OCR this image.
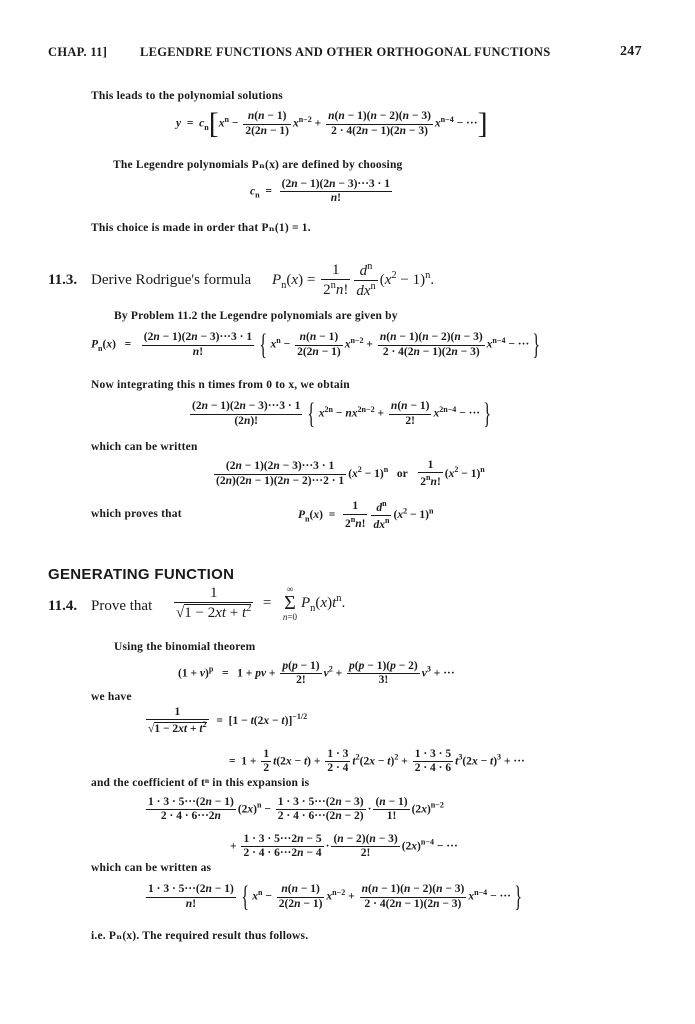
CHAP. 11]	LEGENDRE FUNCTIONS AND OTHER ORTHOGONAL FUNCTIONS	247
This leads to the polynomial solutions
$y = c_n[x^n - \frac{n(n - 1)}{2(2n - 1)} x^{n-2} + \frac{n(n - 1)(n - 2)(n - 3)}{2 \cdot 4(2n - 1)(2n - 3)} x^{n-4}$ − ···]
The Legendre polynomials Pₙ(x) are defined by choosing
$c_n = \frac{(2n - 1)(2n - 3)\cdot\cdot\cdot 3 \cdot 1}{n!}$
This choice is made in order that Pₙ(1) = 1.
11.3. Derive Rodrigue's formula $P_n(x) = \frac{1}{2^nn!} \frac{d^n}{dx^n} (x^2 - 1)^n$.
By Problem 11.2 the Legendre polynomials are given by
$P_n(x) = \frac{(2n - 1)(2n - 3)\cdot\cdot\cdot 3 \cdot 1}{n!}$ { $x^n - \frac{n(n - 1)}{2(2n - 1)} x^{n-2} + \frac{n(n - 1)(n - 2)(n - 3)}{2 \cdot 4(2n - 1)(2n - 3)} x^{n-4}$ − ··· }
Now integrating this n times from 0 to x, we obtain
$\frac{(2n - 1)(2n - 3)\cdot\cdot\cdot 3 \cdot 1}{(2n)!}$ { $x^{2n} - nx^{2n-2} + \frac{n(n - 1)}{2!} x^{2n-4}$ − ··· }
which can be written
$\frac{(2n - 1)(2n - 3)\cdot\cdot\cdot 3 \cdot 1}{(2n)(2n - 1)(2n - 2)\cdot\cdot\cdot 2 \cdot 1} (x^2 - 1)^n$   or $\frac{1}{2^nn!} (x^2 - 1)^n$
which proves that	$P_n(x) = \frac{1}{2^nn!} \frac{d^n}{dx^n} (x^2 - 1)^n$
GENERATING FUNCTION
11.4. Prove that $\frac{1}{√1 - 2xt + t^2}$ =
∞
Σ
n=0
$P_n(x)t^n$.
Using the binomial theorem
$(1 + v)^p = 1$ + pv + $\frac{p(p - 1)}{2!} v^2 + \frac{p(p - 1)(p - 2)}{3!} v^3$ + ···
we have
$\frac{1}{√1 - 2xt + t^2} = [1 - t(2x - t)]^{-1/2}$
=  $1 + \frac{1}{2} t(2x - t) + \frac{1 \cdot 3}{2 \cdot 4} t^2(2x - t)^2 + \frac{1 \cdot 3 \cdot 5}{2 \cdot 4 \cdot 6} t^3(2x - t)^3$ + ···
and the coefficient of tⁿ in this expansion is
$\frac{1 \cdot 3 \cdot 5\cdot\cdot\cdot(2n - 1)}{2 \cdot 4 \cdot 6\cdot\cdot\cdot 2n} (2x)^n - \frac{1 \cdot 3 \cdot 5\cdot\cdot\cdot(2n - 3)}{2 \cdot 4 \cdot 6\cdot\cdot\cdot(2n - 2)} \cdot \frac{(n - 1)}{1!} (2x)^{n-2}$
+ $\frac{1 \cdot 3 \cdot 5\cdot\cdot\cdot 2n - 5}{2 \cdot 4 \cdot 6\cdot\cdot\cdot 2n - 4} \cdot \frac{(n - 2)(n - 3)}{2!} (2x)^{n-4}$ − ···
which can be written as
$\frac{1 \cdot 3 \cdot 5\cdot\cdot\cdot(2n - 1)}{n!}$ { $x^n - \frac{n(n - 1)}{2(2n - 1)} x^{n-2} + \frac{n(n - 1)(n - 2)(n - 3)}{2 \cdot 4(2n - 1)(2n - 3)} x^{n-4}$ − ··· }
i.e. Pₙ(x). The required result thus follows.
